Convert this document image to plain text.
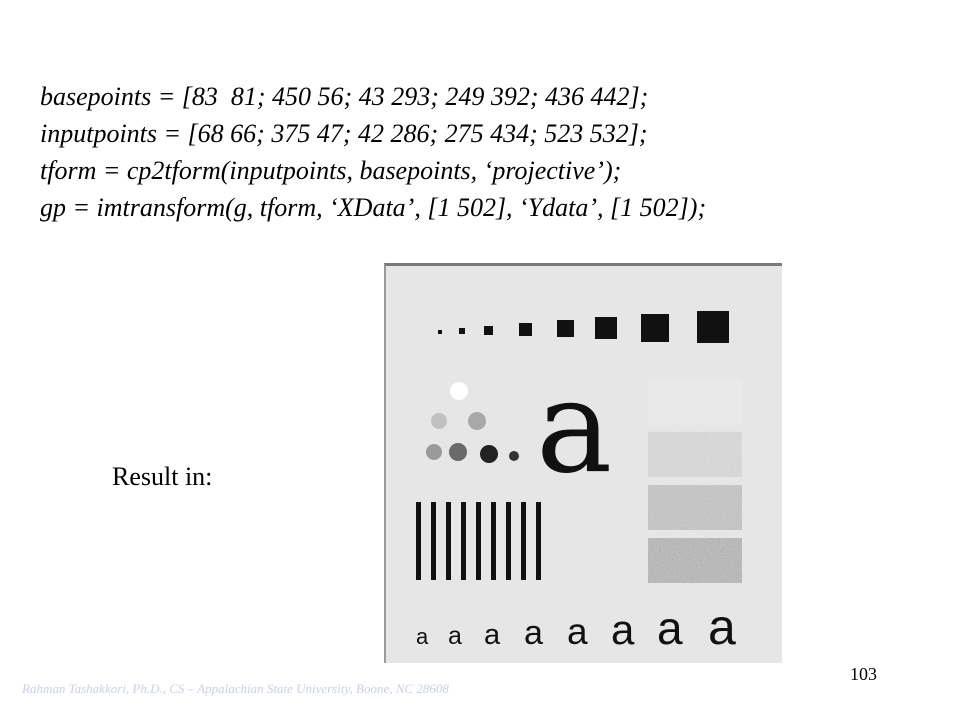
basepoints = [83  81; 450 56; 43 293; 249 392; 436 442];
inputpoints = [68 66; 375 47; 42 286; 275 434; 523 532];
tform = cp2tform(inputpoints, basepoints, ‘projective’);
gp = imtransform(g, tform, ‘XData’, [1 502], ‘Ydata’, [1 502]);
Result in:	a
a a a a a a a a
Rahman Tashakkori, Ph.D., CS – Appalachian State University, Boone, NC 28608
103
